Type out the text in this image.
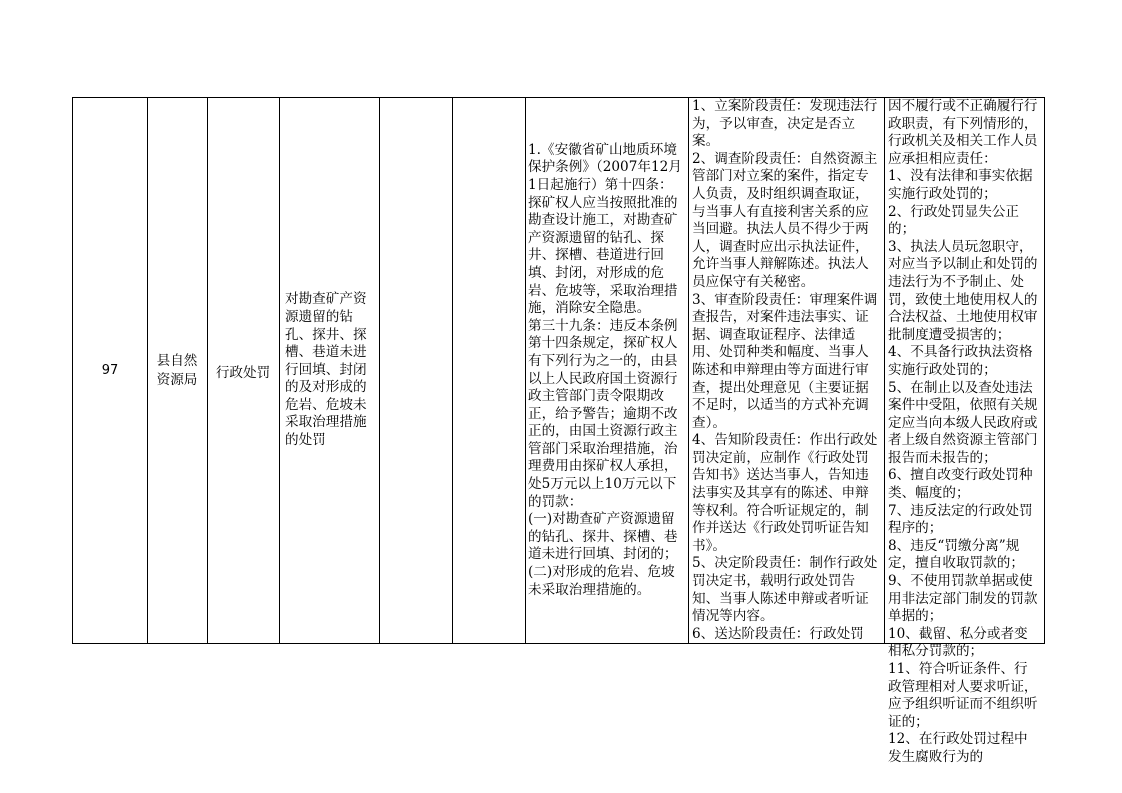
97
县自然资源局	行政处罚

对勘查矿产资源遗留的钻孔、探井、探槽、巷道未进行回填、封闭的及对形成的危岩、危坡未采取治理措施的处罚

1.《安徽省矿山地质环境保护条例》（2007年12月1日起施行）第十四条：探矿权人应当按照批准的勘查设计施工，对勘查矿产资源遗留的钻孔、探井、探槽、巷道进行回填、封闭，对形成的危岩、危坡等，采取治理措施，消除安全隐患。
第三十九条：违反本条例第十四条规定，探矿权人有下列行为之一的，由县以上人民政府国土资源行政主管部门责令限期改正，给予警告；逾期不改正的，由国土资源行政主管部门采取治理措施，治理费用由探矿权人承担，处5万元以上10万元以下的罚款：
(一)对勘查矿产资源遗留的钻孔、探井、探槽、巷道未进行回填、封闭的；
(二)对形成的危岩、危坡未采取治理措施的。

1、立案阶段责任：发现违法行为，予以审查，决定是否立案。
2、调查阶段责任：自然资源主管部门对立案的案件，指定专人负责，及时组织调查取证，与当事人有直接利害关系的应当回避。执法人员不得少于两人，调查时应出示执法证件，允许当事人辩解陈述。执法人员应保守有关秘密。
3、审查阶段责任：审理案件调查报告，对案件违法事实、证据、调查取证程序、法律适用、处罚种类和幅度、当事人陈述和申辩理由等方面进行审查，提出处理意见（主要证据不足时，以适当的方式补充调查）。
4、告知阶段责任：作出行政处罚决定前，应制作《行政处罚告知书》送达当事人，告知违法事实及其享有的陈述、申辩等权利。符合听证规定的，制作并送达《行政处罚听证告知书》。
5、决定阶段责任：制作行政处罚决定书，载明行政处罚告知、当事人陈述申辩或者听证情况等内容。
6、送达阶段责任：行政处罚

因不履行或不正确履行行政职责，有下列情形的，行政机关及相关工作人员应承担相应责任：
1、没有法律和事实依据实施行政处罚的；
2、行政处罚显失公正的；
3、执法人员玩忽职守，对应当予以制止和处罚的违法行为不予制止、处罚，致使土地使用权人的合法权益、土地使用权审批制度遭受损害的；
4、不具备行政执法资格实施行政处罚的；
5、在制止以及查处违法案件中受阻，依照有关规定应当向本级人民政府或者上级自然资源主管部门报告而未报告的；
6、擅自改变行政处罚种类、幅度的；
7、违反法定的行政处罚程序的；
8、违反“罚缴分离”规定，擅自收取罚款的；
9、不使用罚款单据或使用非法定部门制发的罚款单据的；
10、截留、私分或者变相私分罚款的；
11、符合听证条件、行政管理相对人要求听证，应予组织听证而不组织听证的；
12、在行政处罚过程中发生腐败行为的
